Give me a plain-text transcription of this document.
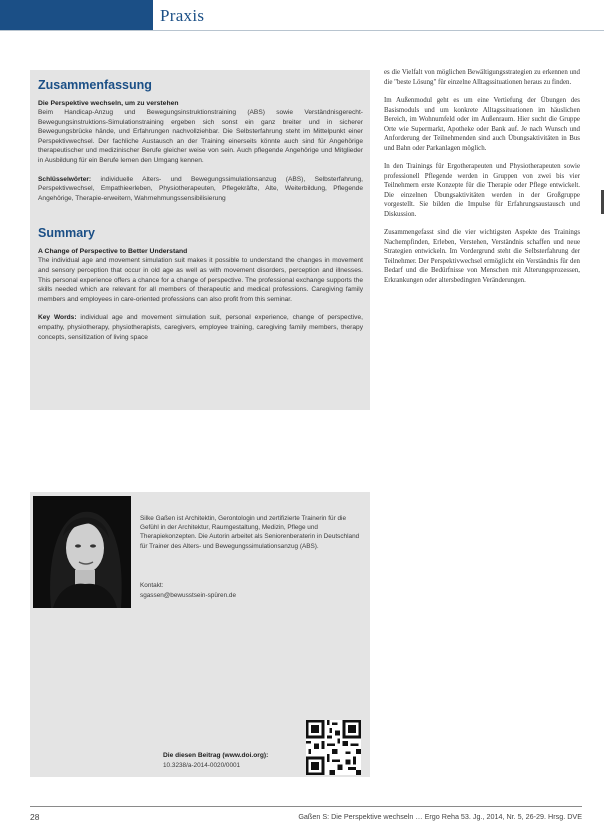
Praxis
Zusammenfassung

Die Perspektive wechseln, um zu verstehen

Beim Handicap-Anzug und Bewegungsinstruktionstraining (ABS) sowie Verständnisgerecht- Bewegungsinstruktions-Simulationstraining ergeben sich sonst ein ganz breiter und in sicherer Bewegungsbrücke hände, und Erfahrungen nachvollziehbar. Die Selbsterfahrung steht im Mittelpunkt einer Perspektivwechsel. Der fachliche Austausch an der Training einerseits könnte auch sind für Angehörige therapeutischer und medizinischer Berufe gleicher weise von sein. Auch pflegende Angehörige und Mitglieder in Ausbildung für ein Berufe lernen den Umgang kennen.

Schlüsselwörter: individuelle Alters- und Bewegungssimulationsanzug (ABS), Selbsterfahrung, Perspektivwechsel, Empathieerleben, Physiotherapeuten, Pflegekräfte, Alte, Weiterbildung, Pflegende Angehörige, Therapie-erweitern, Wahrnehmungssensibilisierung

Summary

A Change of Perspective to Better Understand

The individual age and movement simulation suit makes it possible to understand the changes in movement and sensory perception that occur in old age as well as with movement disorders, perception and illnesses. This personal experience offers a chance for a change of perspective. The professional exchange supports the skills needed which are relevant for all members of therapeutic and medical professions. Caregiving family members and employees in care-oriented professions can also profit from this seminar.

Key Words: individual age and movement simulation suit, personal experience, change of perspective, empathy, physiotherapy, physiotherapists, caregivers, employee training, caregiving family members, therapy concepts, sensitization of living space

es die Vielfalt von möglichen Bewältigungsstrategien zu erkennen und die "beste Lösung" für einzelne Alltagssituationen heraus zu finden.

Im Außenmodul geht es um eine Vertiefung der Übungen des Basismoduls und um konkrete Alltagssituationen im häuslichen Bereich, im Wohnumfeld oder im Außenraum. Hier sucht die Gruppe Orte wie Supermarkt, Apotheke oder Bank auf. Je nach Wunsch und Anforderung der Teilnehmenden sind auch Übungsaktivitäten in Bus und Bahn oder Parkanlagen möglich.

In den Trainings für Ergotherapeuten und Physiotherapeuten sowie professionell Pflegende werden in Gruppen von zwei bis vier Teilnehmern erste Konzepte für die Therapie oder Pflege entwickelt. Die einzelnen Übungsaktivitäten werden in der Großgruppe vorgestellt. Sie bilden die Impulse für Erfahrungsaustausch und Diskussion.

Zusammengefasst sind die vier wichtigsten Aspekte des Trainings Nachempfinden, Erleben, Verstehen, Verständnis schaffen und neue Strategien entwickeln. Im Vordergrund steht die Selbsterfahrung der Teilnehmer. Der Perspektivwechsel ermöglicht ein Verständnis für den Bedarf und die Bedürfnisse von Menschen mit Alterungsprozessen, Erkrankungen oder altersbedingten Veränderungen.

Silke Gaßen ist Architektin, Gerontologin und zertifizierte Trainerin für die Gefühl in der Architektur, Raumgestaltung, Medizin, Pflege und Therapiekonzepten. Die Autorin arbeitet als Seniorenberaterin in Deutschland für Trainer des Alters- und Bewegungssimulationsanzug (ABS).
Kontakt:
sgassen@bewusstsein-spüren.de
Die diesen Beitrag (www.doi.org):
10.3238/a-2014-0020/0001
28	Gaßen S: Die Perspektive wechseln … Ergo Reha 53. Jg., 2014, Nr. 5, 26-29. Hrsg. DVE
